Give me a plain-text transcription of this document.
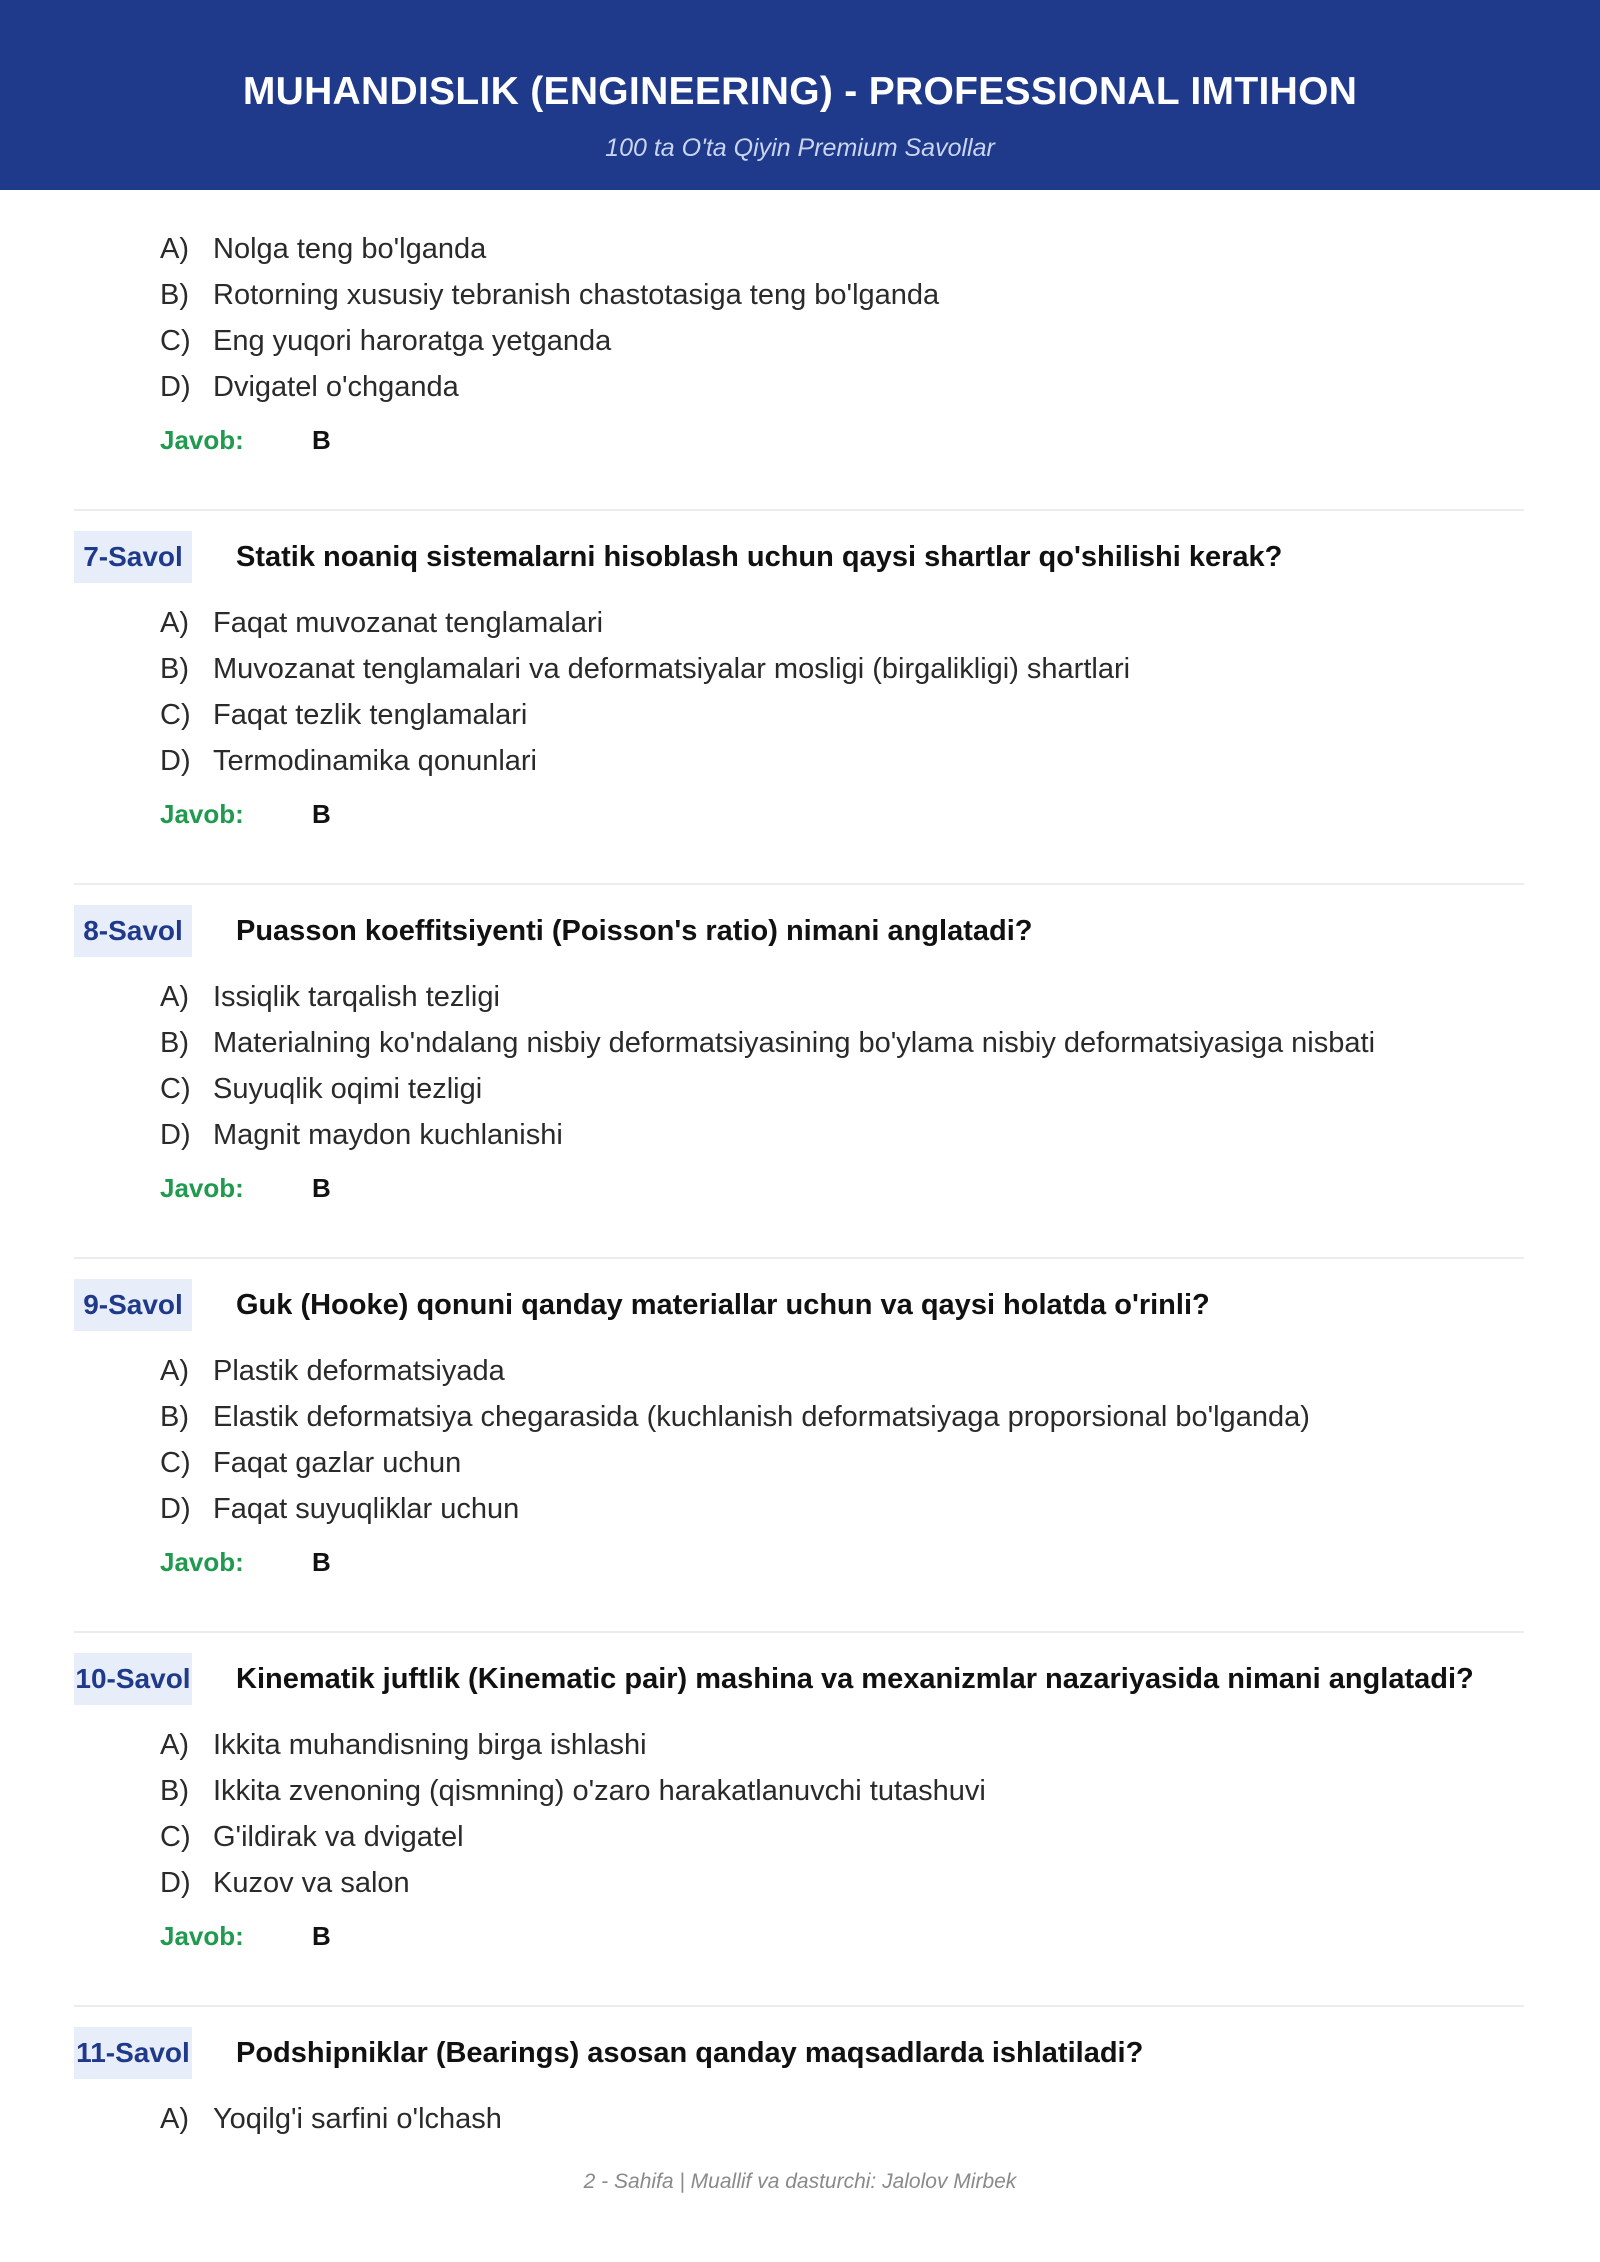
MUHANDISLIK (ENGINEERING) - PROFESSIONAL IMTIHON
100 ta O'ta Qiyin Premium Savollar
A) Nolga teng bo'lganda
B) Rotorning xususiy tebranish chastotasiga teng bo'lganda
C) Eng yuqori haroratga yetganda
D) Dvigatel o'chganda
Javob:	B
7-Savol	Statik noaniq sistemalarni hisoblash uchun qaysi shartlar qo'shilishi kerak?
A) Faqat muvozanat tenglamalari
B) Muvozanat tenglamalari va deformatsiyalar mosligi (birgalikligi) shartlari
C) Faqat tezlik tenglamalari
D) Termodinamika qonunlari
Javob:	B
8-Savol	Puasson koeffitsiyenti (Poisson's ratio) nimani anglatadi?
A) Issiqlik tarqalish tezligi
B) Materialning ko'ndalang nisbiy deformatsiyasining bo'ylama nisbiy deformatsiyasiga nisbati
C) Suyuqlik oqimi tezligi
D) Magnit maydon kuchlanishi
Javob:	B
9-Savol	Guk (Hooke) qonuni qanday materiallar uchun va qaysi holatda o'rinli?
A) Plastik deformatsiyada
B) Elastik deformatsiya chegarasida (kuchlanish deformatsiyaga proporsional bo'lganda)
C) Faqat gazlar uchun
D) Faqat suyuqliklar uchun
Javob:	B
10-Savol Kinematik juftlik (Kinematic pair) mashina va mexanizmlar nazariyasida nimani anglatadi?
A) Ikkita muhandisning birga ishlashi
B) Ikkita zvenoning (qismning) o'zaro harakatlanuvchi tutashuvi
C) G'ildirak va dvigatel
D) Kuzov va salon
Javob:	B
11-Savol Podshipniklar (Bearings) asosan qanday maqsadlarda ishlatiladi?
A) Yoqilg'i sarfini o'lchash
2 - Sahifa | Muallif va dasturchi: Jalolov Mirbek
